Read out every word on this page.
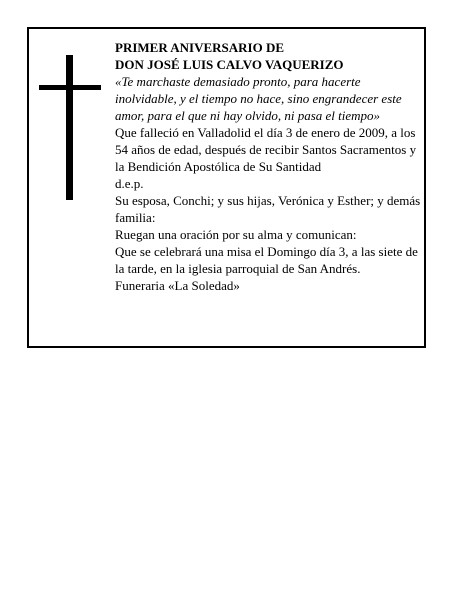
PRIMER ANIVERSARIO DE

DON JOSÉ LUIS CALVO VAQUERIZO

«Te marchaste demasiado pronto, para hacerte inolvidable, y el tiempo no hace, sino engrandecer este amor, para el que ni hay olvido, ni pasa el tiempo»

Que falleció en Valladolid el día 3 de enero de 2009, a los 54 años de edad, después de recibir Santos Sacramentos y la Bendición Apostólica de Su Santidad

d.e.p.

Su esposa, Conchi; y sus hijas, Verónica y Esther; y demás familia:

Ruegan una oración por su alma y comunican:

Que se celebrará una misa el Domingo día 3, a las siete de la tarde, en la iglesia parroquial de San Andrés.

Funeraria «La Soledad»
